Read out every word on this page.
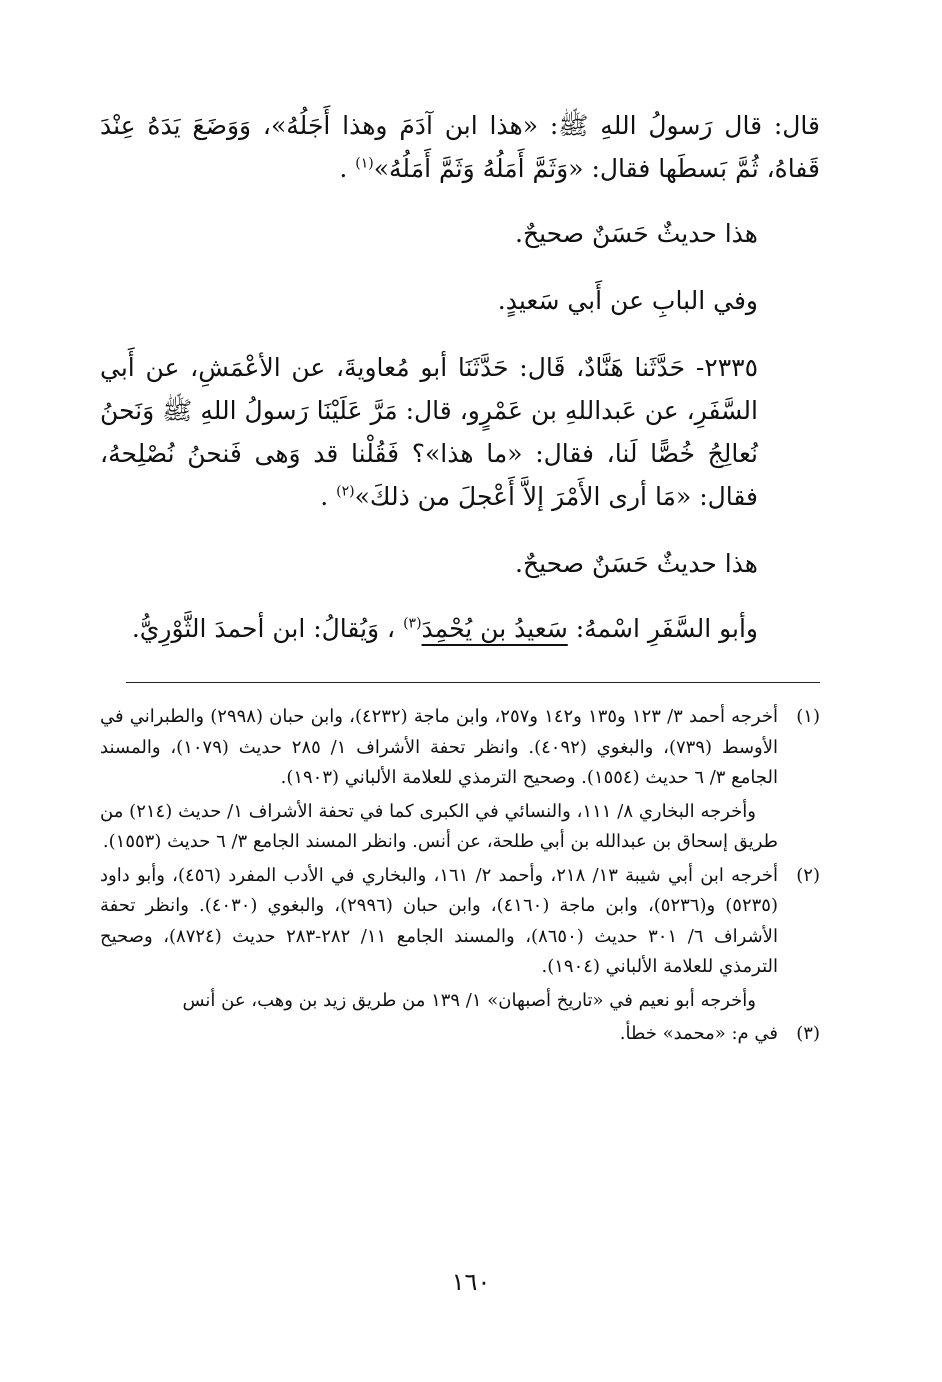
قال: قال رَسولُ اللهِ ﷺ: «هذا ابن آدَمَ وهذا أَجَلُهُ»، وَوَضَعَ يَدَهُ عِنْدَ قَفاهُ، ثُمَّ بَسطَها فقال: «وَثَمَّ أَمَلُهُ وَثَمَّ أَمَلُهُ»$^{(١)}$ .

هذا حديثٌ حَسَنٌ صحيحٌ.

وفي البابِ عن أَبي سَعيدٍ.

٢٣٣٥- حَدَّثَنا هَنَّادٌ، قَال: حَدَّثَنَا أبو مُعاويةَ، عن الأعْمَشِ، عن أَبي السَّفَرِ، عن عَبداللهِ بن عَمْرٍو، قال: مَرَّ عَلَيْنَا رَسولُ اللهِ ﷺ وَنَحنُ نُعالِجُ خُصًّا لَنا، فقال: «ما هذا»؟ فَقُلْنا قد وَهى فَنحنُ نُصْلِحهُ، فقال: «مَا أرى الأَمْرَ إلاَّ أَعْجلَ من ذلكَ»$^{(٢)}$ .

هذا حديثٌ حَسَنٌ صحيحٌ.

وأبو السَّفَرِ اسْمهُ: سَعيدُ بن يُحْمِدَ$^{(٣)}$ ، وَيُقالُ: ابن أحمدَ الثَّوْرِيُّ.

(١)

أخرجه أحمد ٣/ ١٢٣ و١٣٥ و١٤٢ و٢٥٧، وابن ماجة (٤٢٣٢)، وابن حبان (٢٩٩٨) والطبراني في الأوسط (٧٣٩)، والبغوي (٤٠٩٢). وانظر تحفة الأشراف ١/ ٢٨٥ حديث (١٠٧٩)، والمسند الجامع ٣/ ٦ حديث (١٥٥٤). وصحيح الترمذي للعلامة الألباني (١٩٠٣).

وأخرجه البخاري ٨/ ١١١، والنسائي في الكبرى كما في تحفة الأشراف ١/ حديث (٢١٤) من طريق إسحاق بن عبدالله بن أبي طلحة، عن أنس. وانظر المسند الجامع ٣/ ٦ حديث (١٥٥٣).

(٢)

أخرجه ابن أبي شيبة ١٣/ ٢١٨، وأحمد ٢/ ١٦١، والبخاري في الأدب المفرد (٤٥٦)، وأبو داود (٥٢٣٥) و(٥٢٣٦)، وابن ماجة (٤١٦٠)، وابن حبان (٢٩٩٦)، والبغوي (٤٠٣٠). وانظر تحفة الأشراف ٦/ ٣٠١ حديث (٨٦٥٠)، والمسند الجامع ١١/ ٢٨٢-٢٨٣ حديث (٨٧٢٤)، وصحيح الترمذي للعلامة الألباني (١٩٠٤).

وأخرجه أبو نعيم في «تاريخ أصبهان» ١/ ١٣٩ من طريق زيد بن وهب، عن أنس

(٣)

في م: «محمد» خطأ.

١٦٠
